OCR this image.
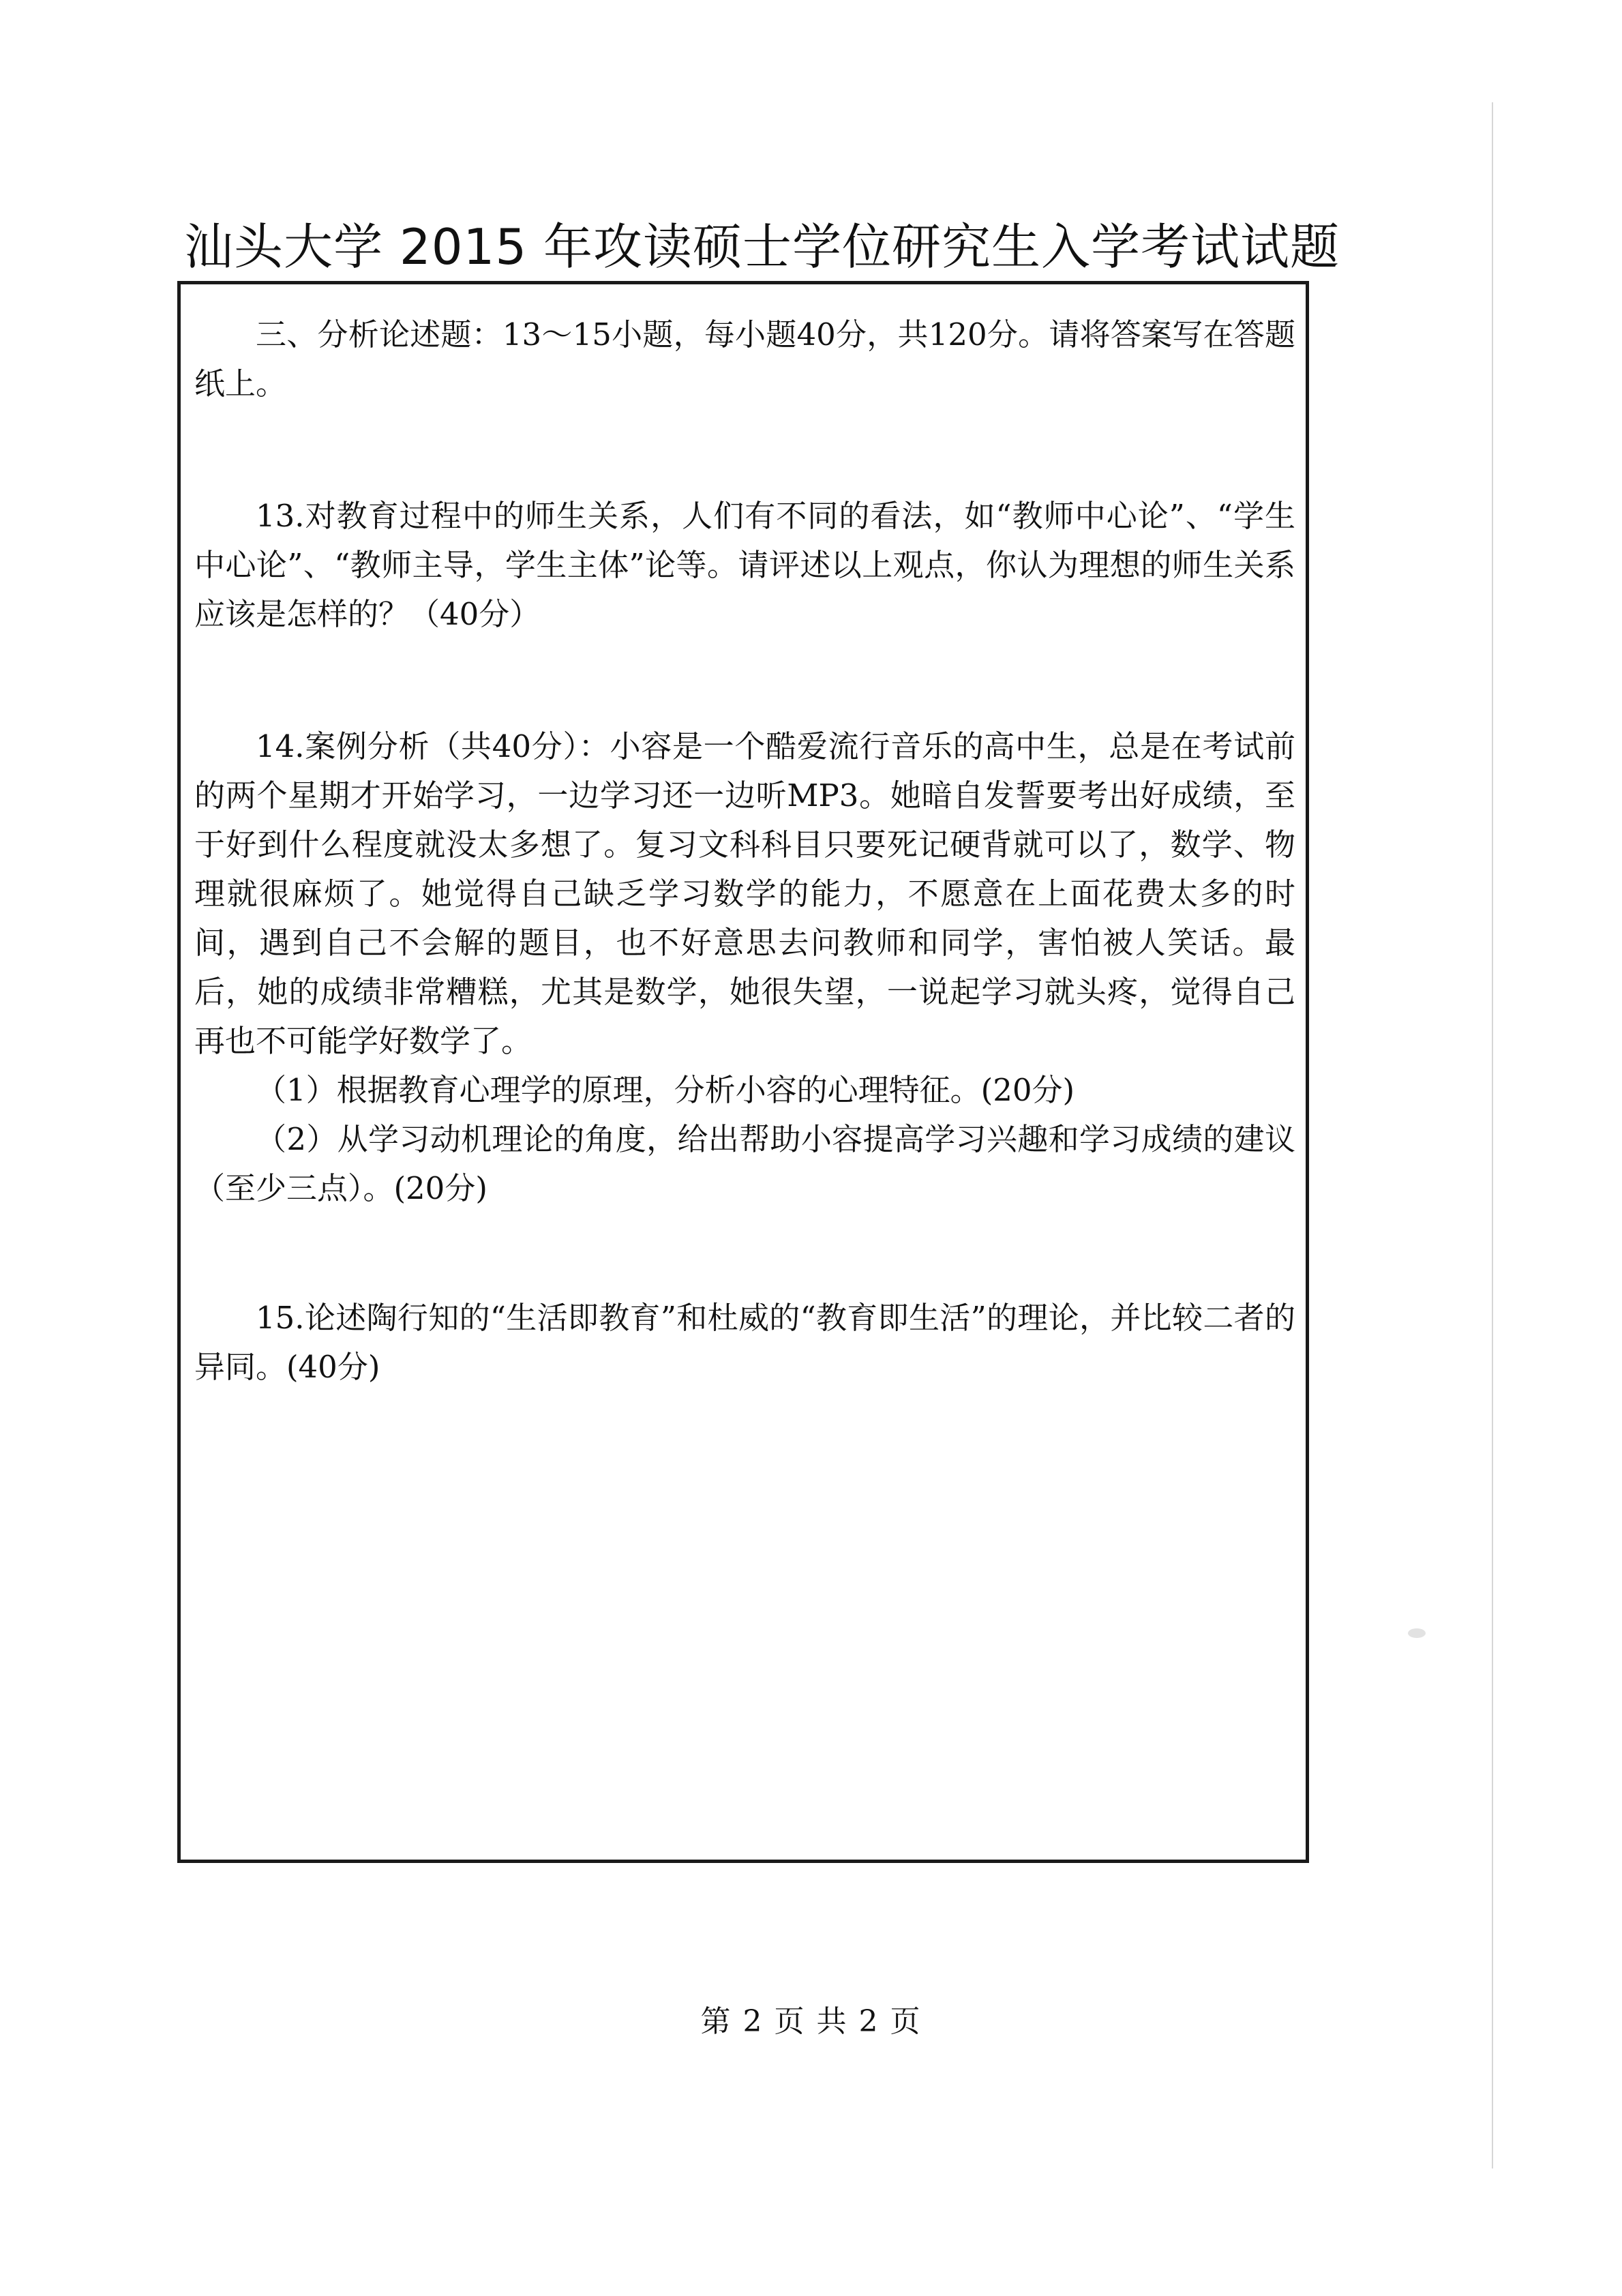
汕头大学 2015 年攻读硕士学位研究生入学考试试题

三、分析论述题：13～15小题，每小题40分，共120分。请将答案写在答题纸上。

13.对教育过程中的师生关系，人们有不同的看法，如“教师中心论”、“学生中心论”、“教师主导，学生主体”论等。请评述以上观点，你认为理想的师生关系应该是怎样的？（40分）

14.案例分析（共40分）：小容是一个酷爱流行音乐的高中生，总是在考试前的两个星期才开始学习，一边学习还一边听MP3。她暗自发誓要考出好成绩，至于好到什么程度就没太多想了。复习文科科目只要死记硬背就可以了，数学、物理就很麻烦了。她觉得自己缺乏学习数学的能力，不愿意在上面花费太多的时间，遇到自己不会解的题目，也不好意思去问教师和同学，害怕被人笑话。最后，她的成绩非常糟糕，尤其是数学，她很失望，一说起学习就头疼，觉得自己再也不可能学好数学了。

（1）根据教育心理学的原理，分析小容的心理特征。(20分)

（2）从学习动机理论的角度，给出帮助小容提高学习兴趣和学习成绩的建议（至少三点）。(20分)

15.论述陶行知的“生活即教育”和杜威的“教育即生活”的理论，并比较二者的异同。(40分)

第 2 页 共 2 页
